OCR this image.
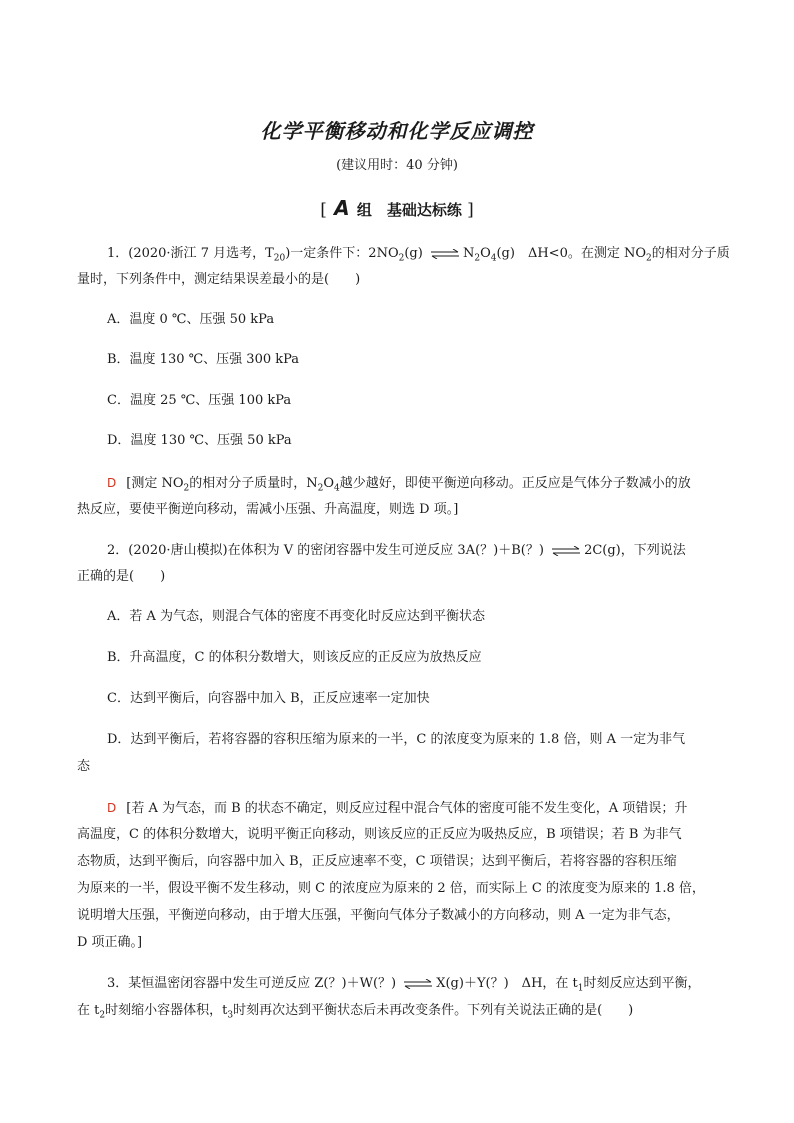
化学平衡移动和化学反应调控
(建议用时：40 分钟)
[ A 组　基础达标练 ]
1．(2020·浙江 7 月选考，$T_{20}$)一定条件下：$2NO_2(g)$ ⇌ $N_2O_4(g)$　ΔH<0。在测定 $NO_2$的相对分子质
量时，下列条件中，测定结果误差最小的是(　　)
A．温度 0 ℃、压强 50 kPa
B．温度 130 ℃、压强 300 kPa
C．温度 25 ℃、压强 100 kPa
D．温度 130 ℃、压强 50 kPa
D [测定 $NO_2$的相对分子质量时，$N_2O_4$越少越好，即使平衡逆向移动。正反应是气体分子数减小的放
热反应，要使平衡逆向移动，需减小压强、升高温度，则选 D 项。]
2．(2020·唐山模拟)在体积为 V 的密闭容器中发生可逆反应 3A(？)＋B(？) ⇌ 2C(g)，下列说法
正确的是(　　)
A．若 A 为气态，则混合气体的密度不再变化时反应达到平衡状态
B．升高温度，C 的体积分数增大，则该反应的正反应为放热反应
C．达到平衡后，向容器中加入 B，正反应速率一定加快
D．达到平衡后，若将容器的容积压缩为原来的一半，C 的浓度变为原来的 1.8 倍，则 A 一定为非气
态
D [若 A 为气态，而 B 的状态不确定，则反应过程中混合气体的密度可能不发生变化，A 项错误；升
高温度，C 的体积分数增大，说明平衡正向移动，则该反应的正反应为吸热反应，B 项错误；若 B 为非气
态物质，达到平衡后，向容器中加入 B，正反应速率不变，C 项错误；达到平衡后，若将容器的容积压缩
为原来的一半，假设平衡不发生移动，则 C 的浓度应为原来的 2 倍，而实际上 C 的浓度变为原来的 1.8 倍，
说明增大压强，平衡逆向移动，由于增大压强，平衡向气体分子数减小的方向移动，则 A 一定为非气态，
D 项正确。]
3．某恒温密闭容器中发生可逆反应 Z(？)＋W(？) ⇌ X(g)＋Y(？)　ΔH，在 $t_1$时刻反应达到平衡，
在 $t_2$时刻缩小容器体积，$t_3$时刻再次达到平衡状态后未再改变条件。下列有关说法正确的是(　　)
